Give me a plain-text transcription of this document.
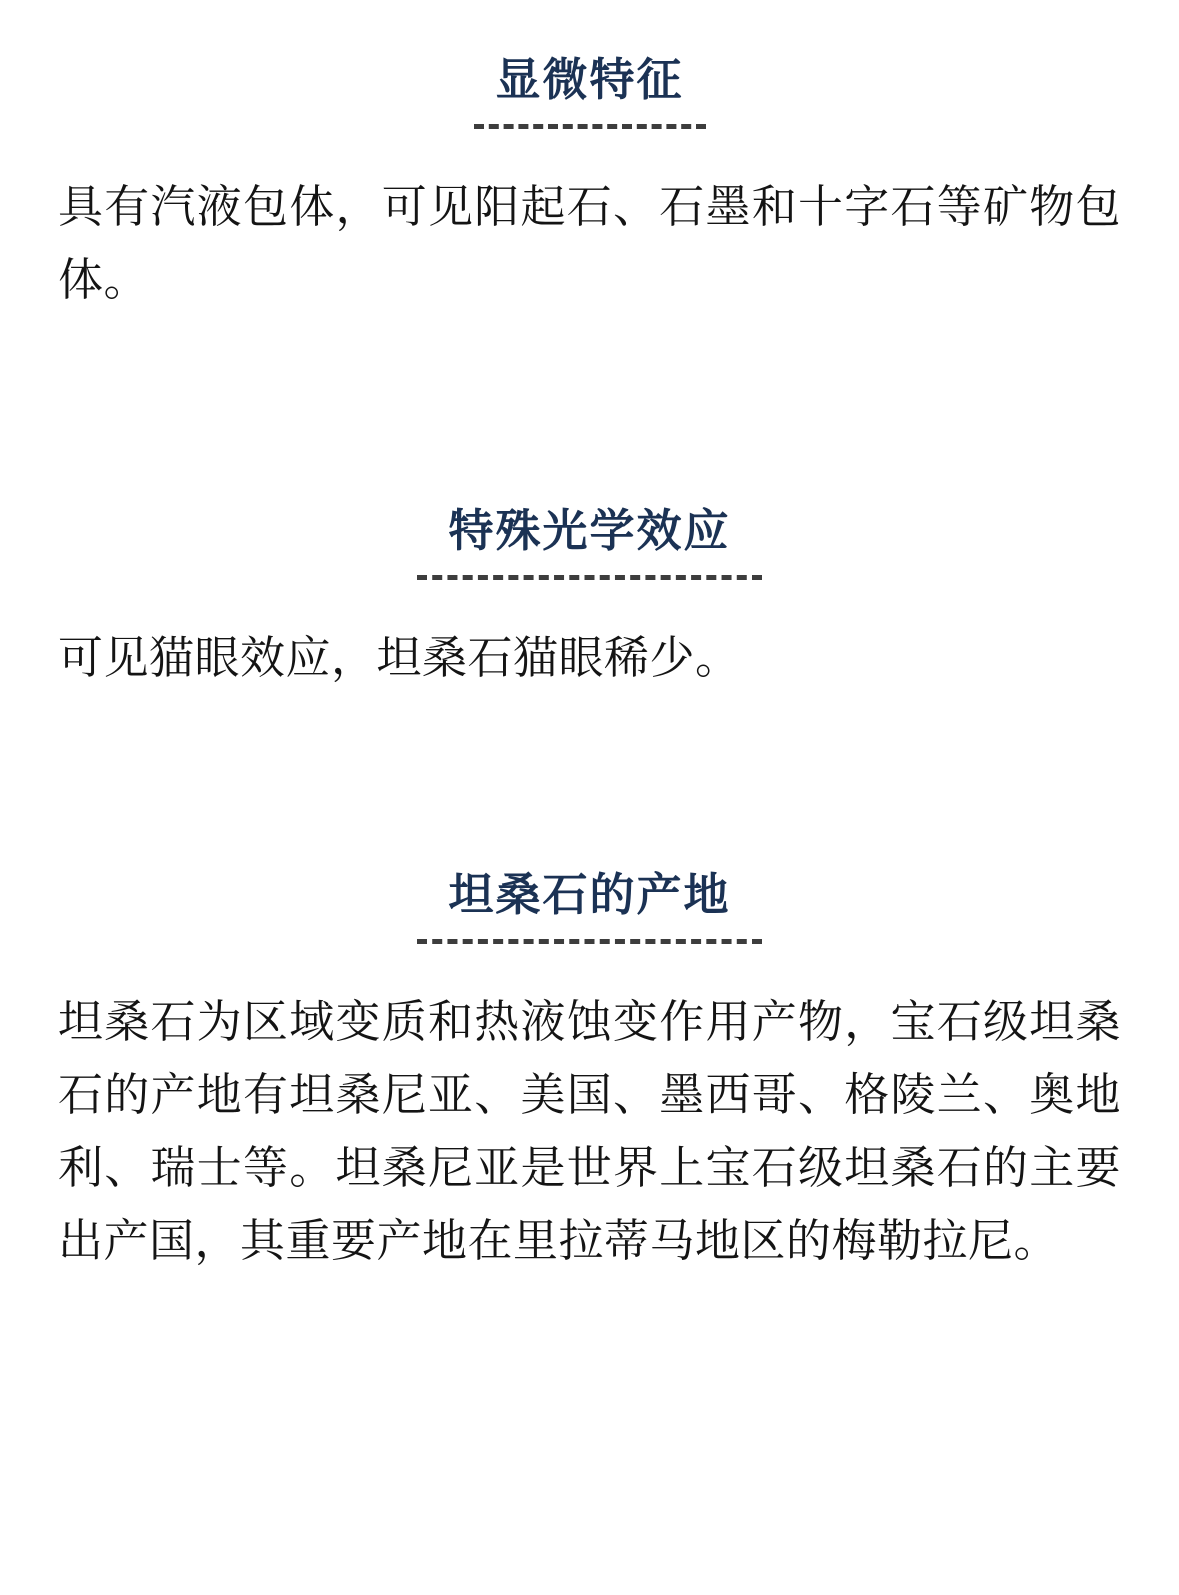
显微特征

具有汽液包体，可见阳起石、石墨和十字石等矿物包体。

特殊光学效应

可见猫眼效应，坦桑石猫眼稀少。

坦桑石的产地

坦桑石为区域变质和热液蚀变作用产物，宝石级坦桑石的产地有坦桑尼亚、美国、墨西哥、格陵兰、奥地利、瑞士等。坦桑尼亚是世界上宝石级坦桑石的主要出产国，其重要产地在里拉蒂马地区的梅勒拉尼。
